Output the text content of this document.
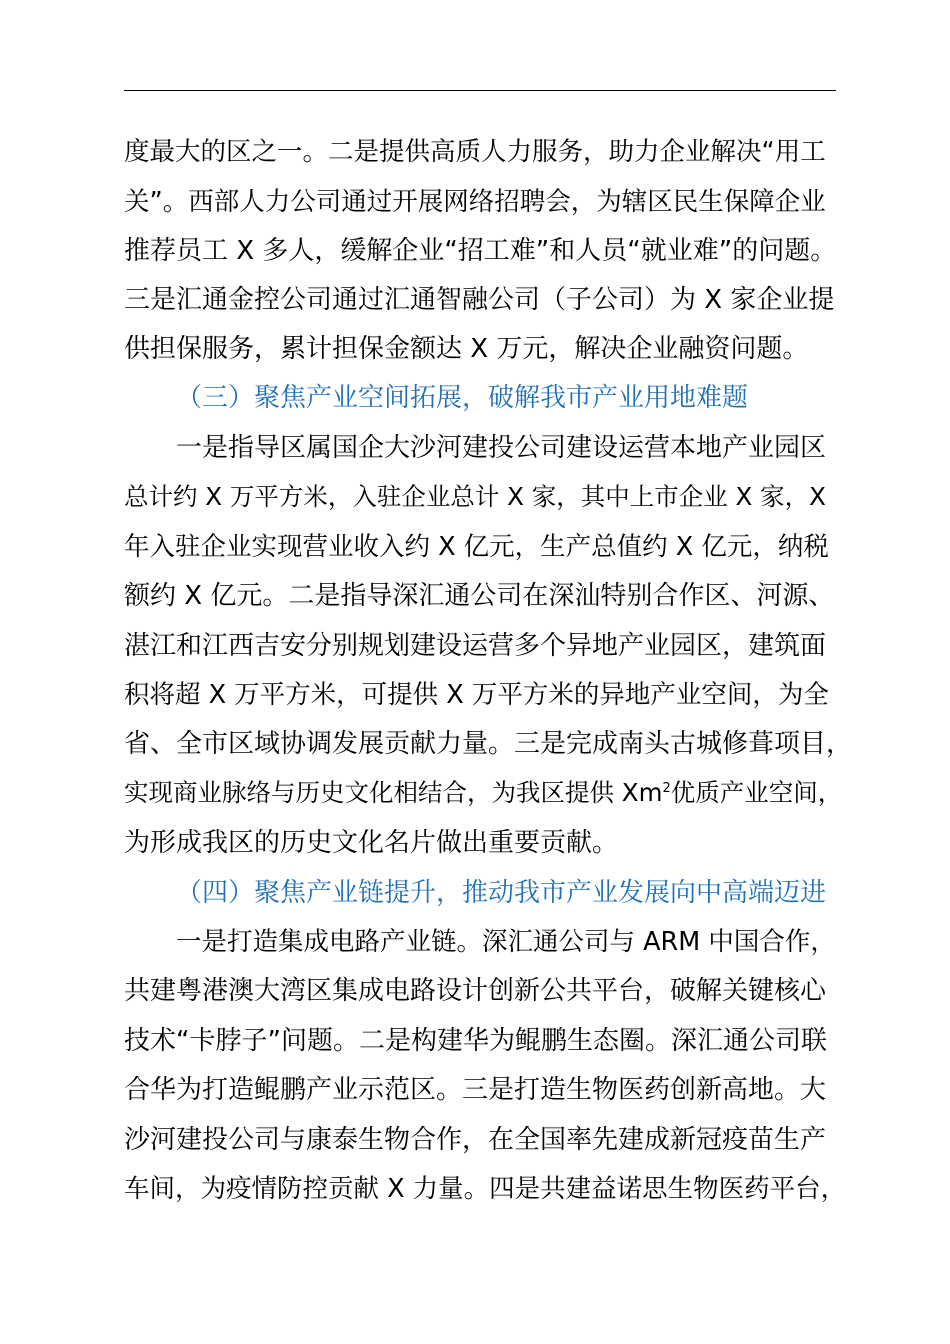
度最大的区之一。二是提供高质人力服务，助力企业解决“用工
关”。西部人力公司通过开展网络招聘会，为辖区民生保障企业
推荐员工 X 多人，缓解企业“招工难”和人员“就业难”的问题。
三是汇通金控公司通过汇通智融公司（子公司）为 X 家企业提
供担保服务，累计担保金额达 X 万元，解决企业融资问题。
（三）聚焦产业空间拓展，破解我市产业用地难题
一是指导区属国企大沙河建投公司建设运营本地产业园区
总计约 X 万平方米，入驻企业总计 X 家，其中上市企业 X 家，X
年入驻企业实现营业收入约 X 亿元，生产总值约 X 亿元，纳税
额约 X 亿元。二是指导深汇通公司在深汕特别合作区、河源、
湛江和江西吉安分别规划建设运营多个异地产业园区，建筑面
积将超 X 万平方米，可提供 X 万平方米的异地产业空间，为全
省、全市区域协调发展贡献力量。三是完成南头古城修葺项目，
实现商业脉络与历史文化相结合，为我区提供 Xm$^2$优质产业空间，
为形成我区的历史文化名片做出重要贡献。
（四）聚焦产业链提升，推动我市产业发展向中高端迈进
一是打造集成电路产业链。深汇通公司与 ARM 中国合作，
共建粤港澳大湾区集成电路设计创新公共平台，破解关键核心
技术“卡脖子”问题。二是构建华为鲲鹏生态圈。深汇通公司联
合华为打造鲲鹏产业示范区。三是打造生物医药创新高地。大
沙河建投公司与康泰生物合作，在全国率先建成新冠疫苗生产
车间，为疫情防控贡献 X 力量。四是共建益诺思生物医药平台，
